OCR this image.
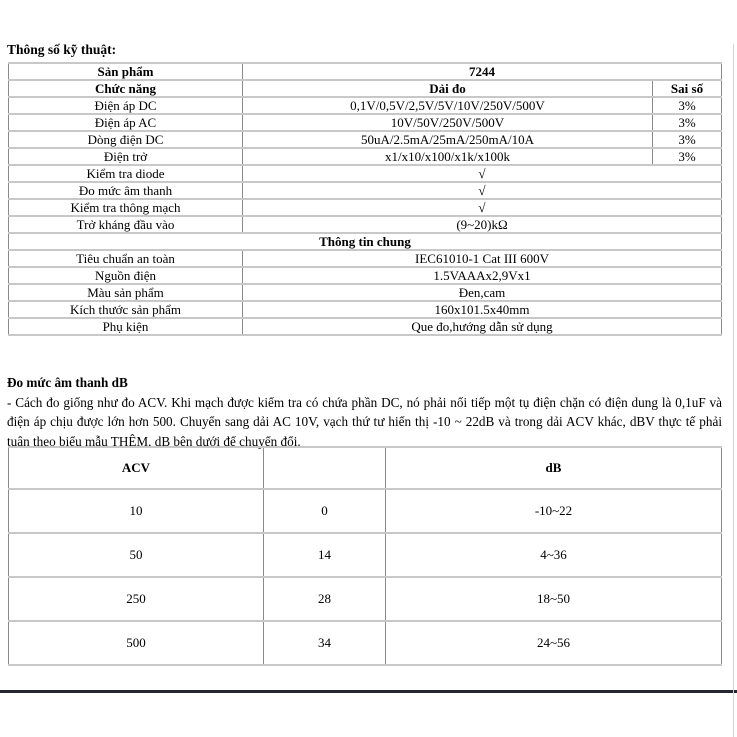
Thông số kỹ thuật:
Sản phẩm	7244	
Chức năng	Dải đo	Sai số
Điện áp DC	0,1V/0,5V/2,5V/5V/10V/250V/500V	3%
Điện áp AC	10V/50V/250V/500V	3%
Dòng điện DC	50uA/2.5mA/25mA/250mA/10A	3%
Điện trở	x1/x10/x100/x1k/x100k	3%
Kiểm tra diode	√	
Đo mức âm thanh	√	
Kiểm tra thông mạch	√	
Trở kháng đầu vào	(9~20)kΩ	
Thông tin chung		
Tiêu chuẩn an toàn	IEC61010-1 Cat III 600V	
Nguồn điện	1.5VAAAx2,9Vx1	
Màu sản phẩm	Đen,cam	
Kích thước sản phẩm	160x101.5x40mm	
Phụ kiện	Que đo,hướng dẫn sử dụng	
Đo mức âm thanh dB
- Cách đo giống như đo ACV. Khi mạch được kiểm tra có chứa phần DC, nó phải nối tiếp một tụ điện chặn có điện dung là 0,1uF và điện áp chịu được lớn hơn 500. Chuyển sang dải AC 10V, vạch thứ tư hiển thị -10 ~ 22dB và trong dải ACV khác, dBV thực tế phải tuân theo biểu mẫu THÊM, dB bên dưới để chuyển đổi.
ACV		dB
10	0	-10~22
50	14	4~36
250	28	18~50
500	34	24~56
